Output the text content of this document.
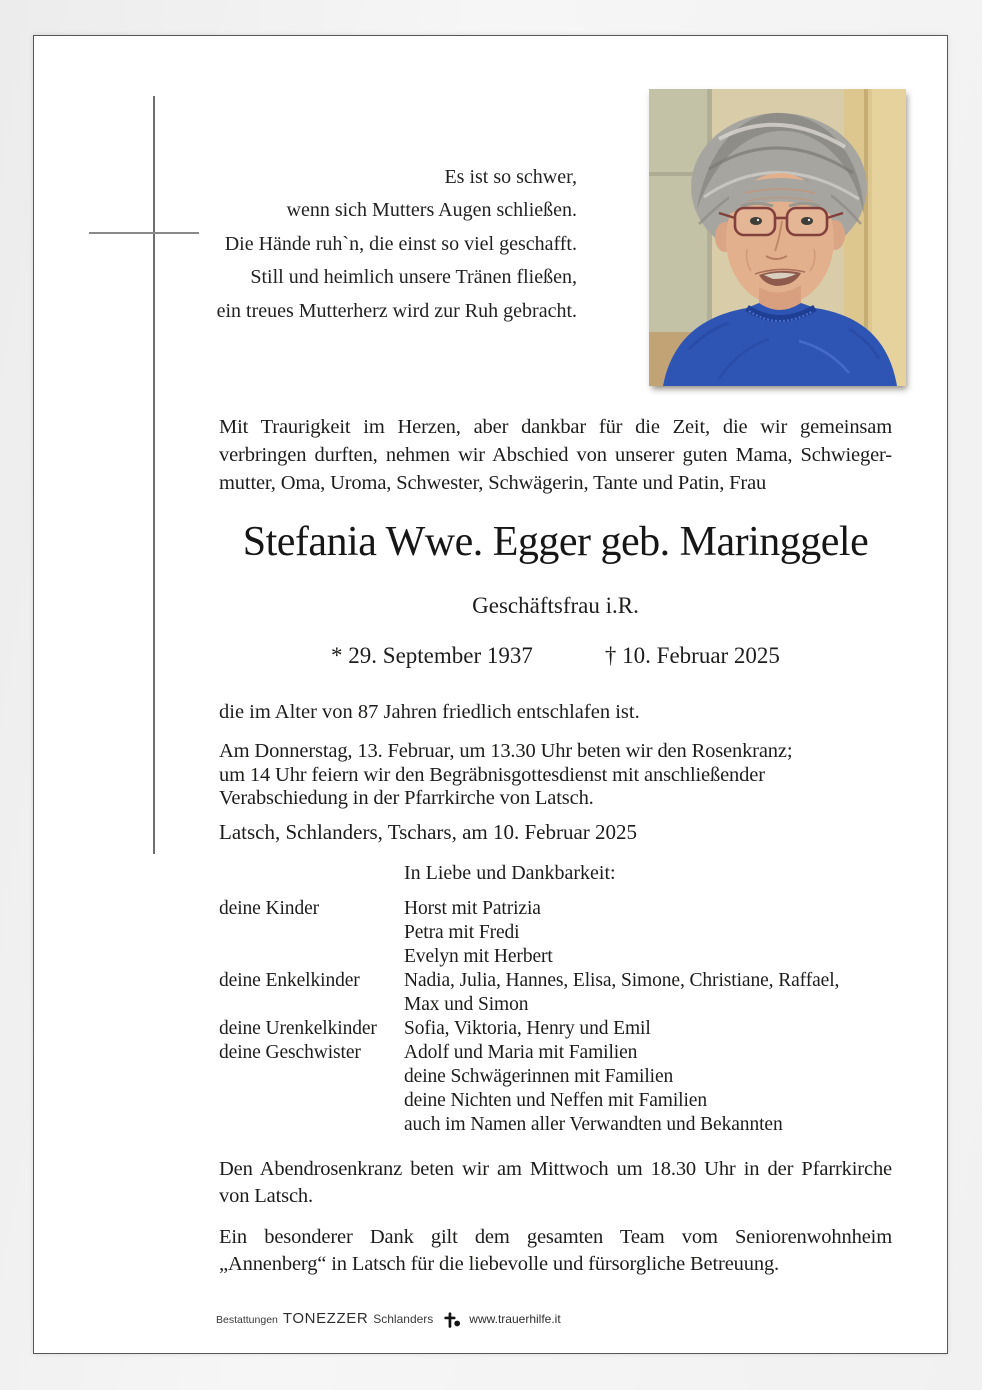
Es ist so schwer,
wenn sich Mutters Augen schließen.
Die Hände ruh`n, die einst so viel geschafft.
Still und heimlich unsere Tränen fließen,
ein treues Mutterherz wird zur Ruh gebracht.
Mit Traurigkeit im Herzen, aber dankbar für die Zeit, die wir gemeinsam
verbringen durften, nehmen wir Abschied von unserer guten Mama, Schwieger-
mutter, Oma, Uroma, Schwester, Schwägerin, Tante und Patin, Frau
Stefania Wwe. Egger geb. Maringgele
Geschäftsfrau i.R.
* 29. September 1937	† 10. Februar 2025
die im Alter von 87 Jahren friedlich entschlafen ist.
Am Donnerstag, 13. Februar, um 13.30 Uhr beten wir den Rosenkranz;
um 14 Uhr feiern wir den Begräbnisgottesdienst mit anschließender
Verabschiedung in der Pfarrkirche von Latsch.
Latsch, Schlanders, Tschars, am 10. Februar 2025
In Liebe und Dankbarkeit:
deine Kinder	Horst mit Patrizia
Petra mit Fredi
Evelyn mit Herbert
deine Enkelkinder	Nadia, Julia, Hannes, Elisa, Simone, Christiane, Raffael,
Max und Simon
deine Urenkelkinder	Sofia, Viktoria, Henry und Emil
deine Geschwister	Adolf und Maria mit Familien
deine Schwägerinnen mit Familien
deine Nichten und Neffen mit Familien
auch im Namen aller Verwandten und Bekannten
Den Abendrosenkranz beten wir am Mittwoch um 18.30 Uhr in der Pfarrkirche
von Latsch.
Ein besonderer Dank gilt dem gesamten Team vom Seniorenwohnheim
„Annenberg“ in Latsch für die liebevolle und fürsorgliche Betreuung.
Bestattungen TONEZZER Schlanders	www.trauerhilfe.it
